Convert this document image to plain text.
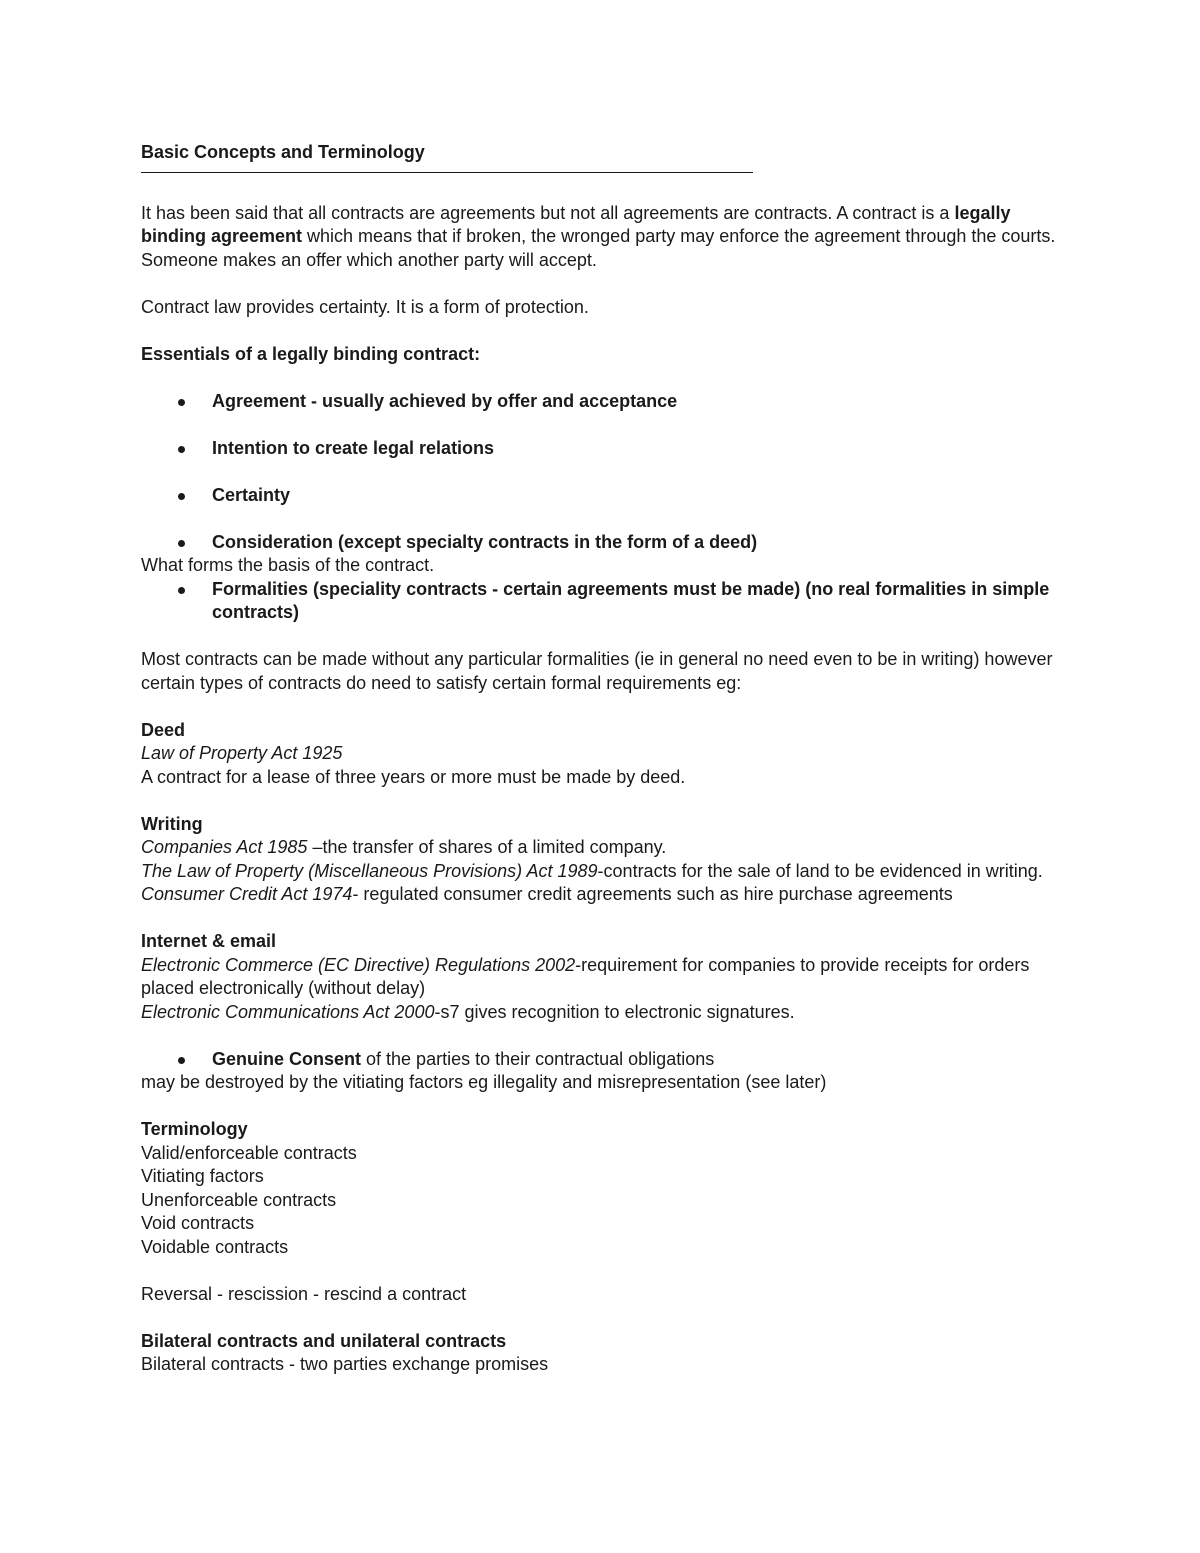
Basic Concepts and Terminology

It has been said that all contracts are agreements but not all agreements are contracts. A contract is a legally binding agreement which means that if broken, the wronged party may enforce the agreement through the courts. Someone makes an offer which another party will accept.

Contract law provides certainty. It is a form of protection.

Essentials of a legally binding contract:

Agreement - usually achieved by offer and acceptance
Intention to create legal relations
Certainty
Consideration (except specialty contracts in the form of a deed)

What forms the basis of the contract.

Formalities (speciality contracts - certain agreements must be made) (no real formalities in simple contracts)

Most contracts can be made without any particular formalities (ie in general no need even to be in writing) however certain types of contracts do need to satisfy certain formal requirements eg:

Deed

Law of Property Act 1925

A contract for a lease of three years or more must be made by deed.

Writing

Companies Act 1985 –the transfer of shares of a limited company.

The Law of Property (Miscellaneous Provisions) Act 1989-contracts for the sale of land to be evidenced in writing.

Consumer Credit Act 1974- regulated consumer credit agreements such as hire purchase agreements

Internet & email

Electronic Commerce (EC Directive) Regulations 2002-requirement for companies to provide receipts for orders placed electronically (without delay)

Electronic Communications Act 2000-s7 gives recognition to electronic signatures.

Genuine Consent of the parties to their contractual obligations

may be destroyed by the vitiating factors eg illegality and misrepresentation (see later)

Terminology

Valid/enforceable contracts

Vitiating factors

Unenforceable contracts

Void contracts

Voidable contracts

Reversal - rescission - rescind a contract

Bilateral contracts and unilateral contracts

Bilateral contracts - two parties exchange promises
